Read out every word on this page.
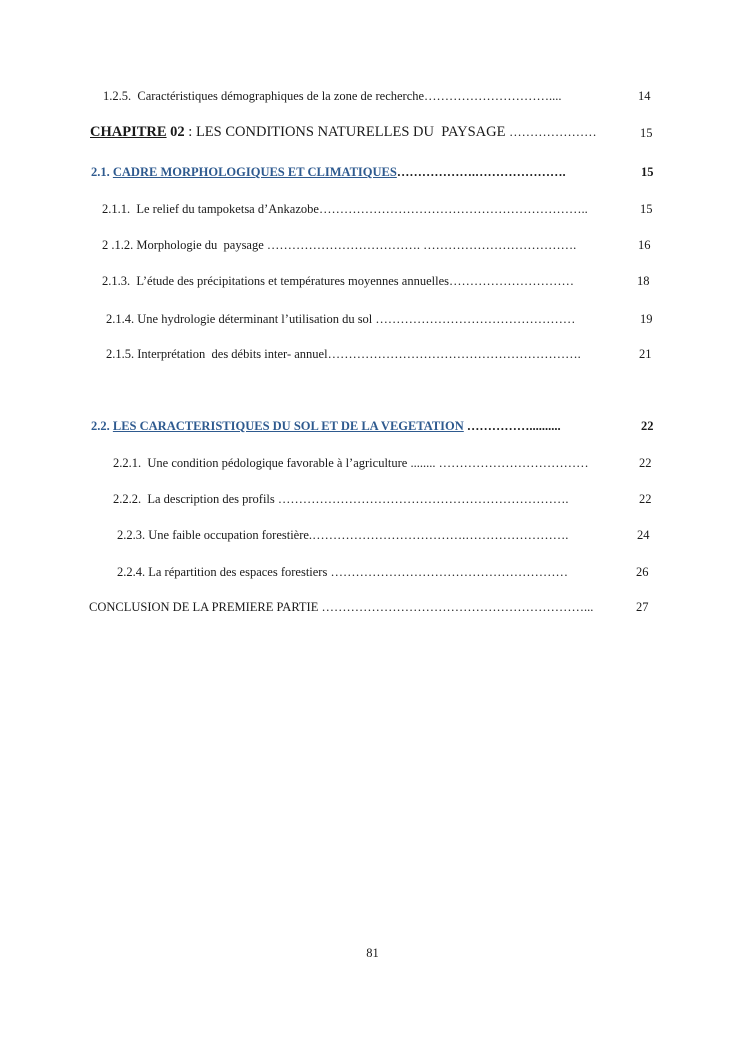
1.2.5.  Caractéristiques démographiques de la zone de recherche…………………………....	14
CHAPITRE 02 : LES CONDITIONS NATURELLES DU  PAYSAGE …………………	15
2.1. CADRE MORPHOLOGIQUES ET CLIMATIQUES……………….………………….	15
2.1.1.  Le relief du tampoketsa d’Ankazobe………………………………………………………..	15
2 .1.2. Morphologie du  paysage ………………………………. ……………………………….	16
2.1.3.  L’étude des précipitations et températures moyennes annuelles…………………………	18
2.1.4. Une hydrologie déterminant l’utilisation du sol …………………………………………	19
2.1.5. Interprétation  des débits inter- annuel…………………………………………………….	21
2.2. LES CARACTERISTIQUES DU SOL ET DE LA VEGETATION ……………..........	22
2.2.1.  Une condition pédologique favorable à l’agriculture ........ ………………………………	22
2.2.2.  La description des profils …………………………………………………………….	22
2.2.3. Une faible occupation forestière.……………………………….…………………….	24
2.2.4. La répartition des espaces forestiers …………………………………………………	26
CONCLUSION DE LA PREMIERE PARTIE ………………………………………………………...	27
81
